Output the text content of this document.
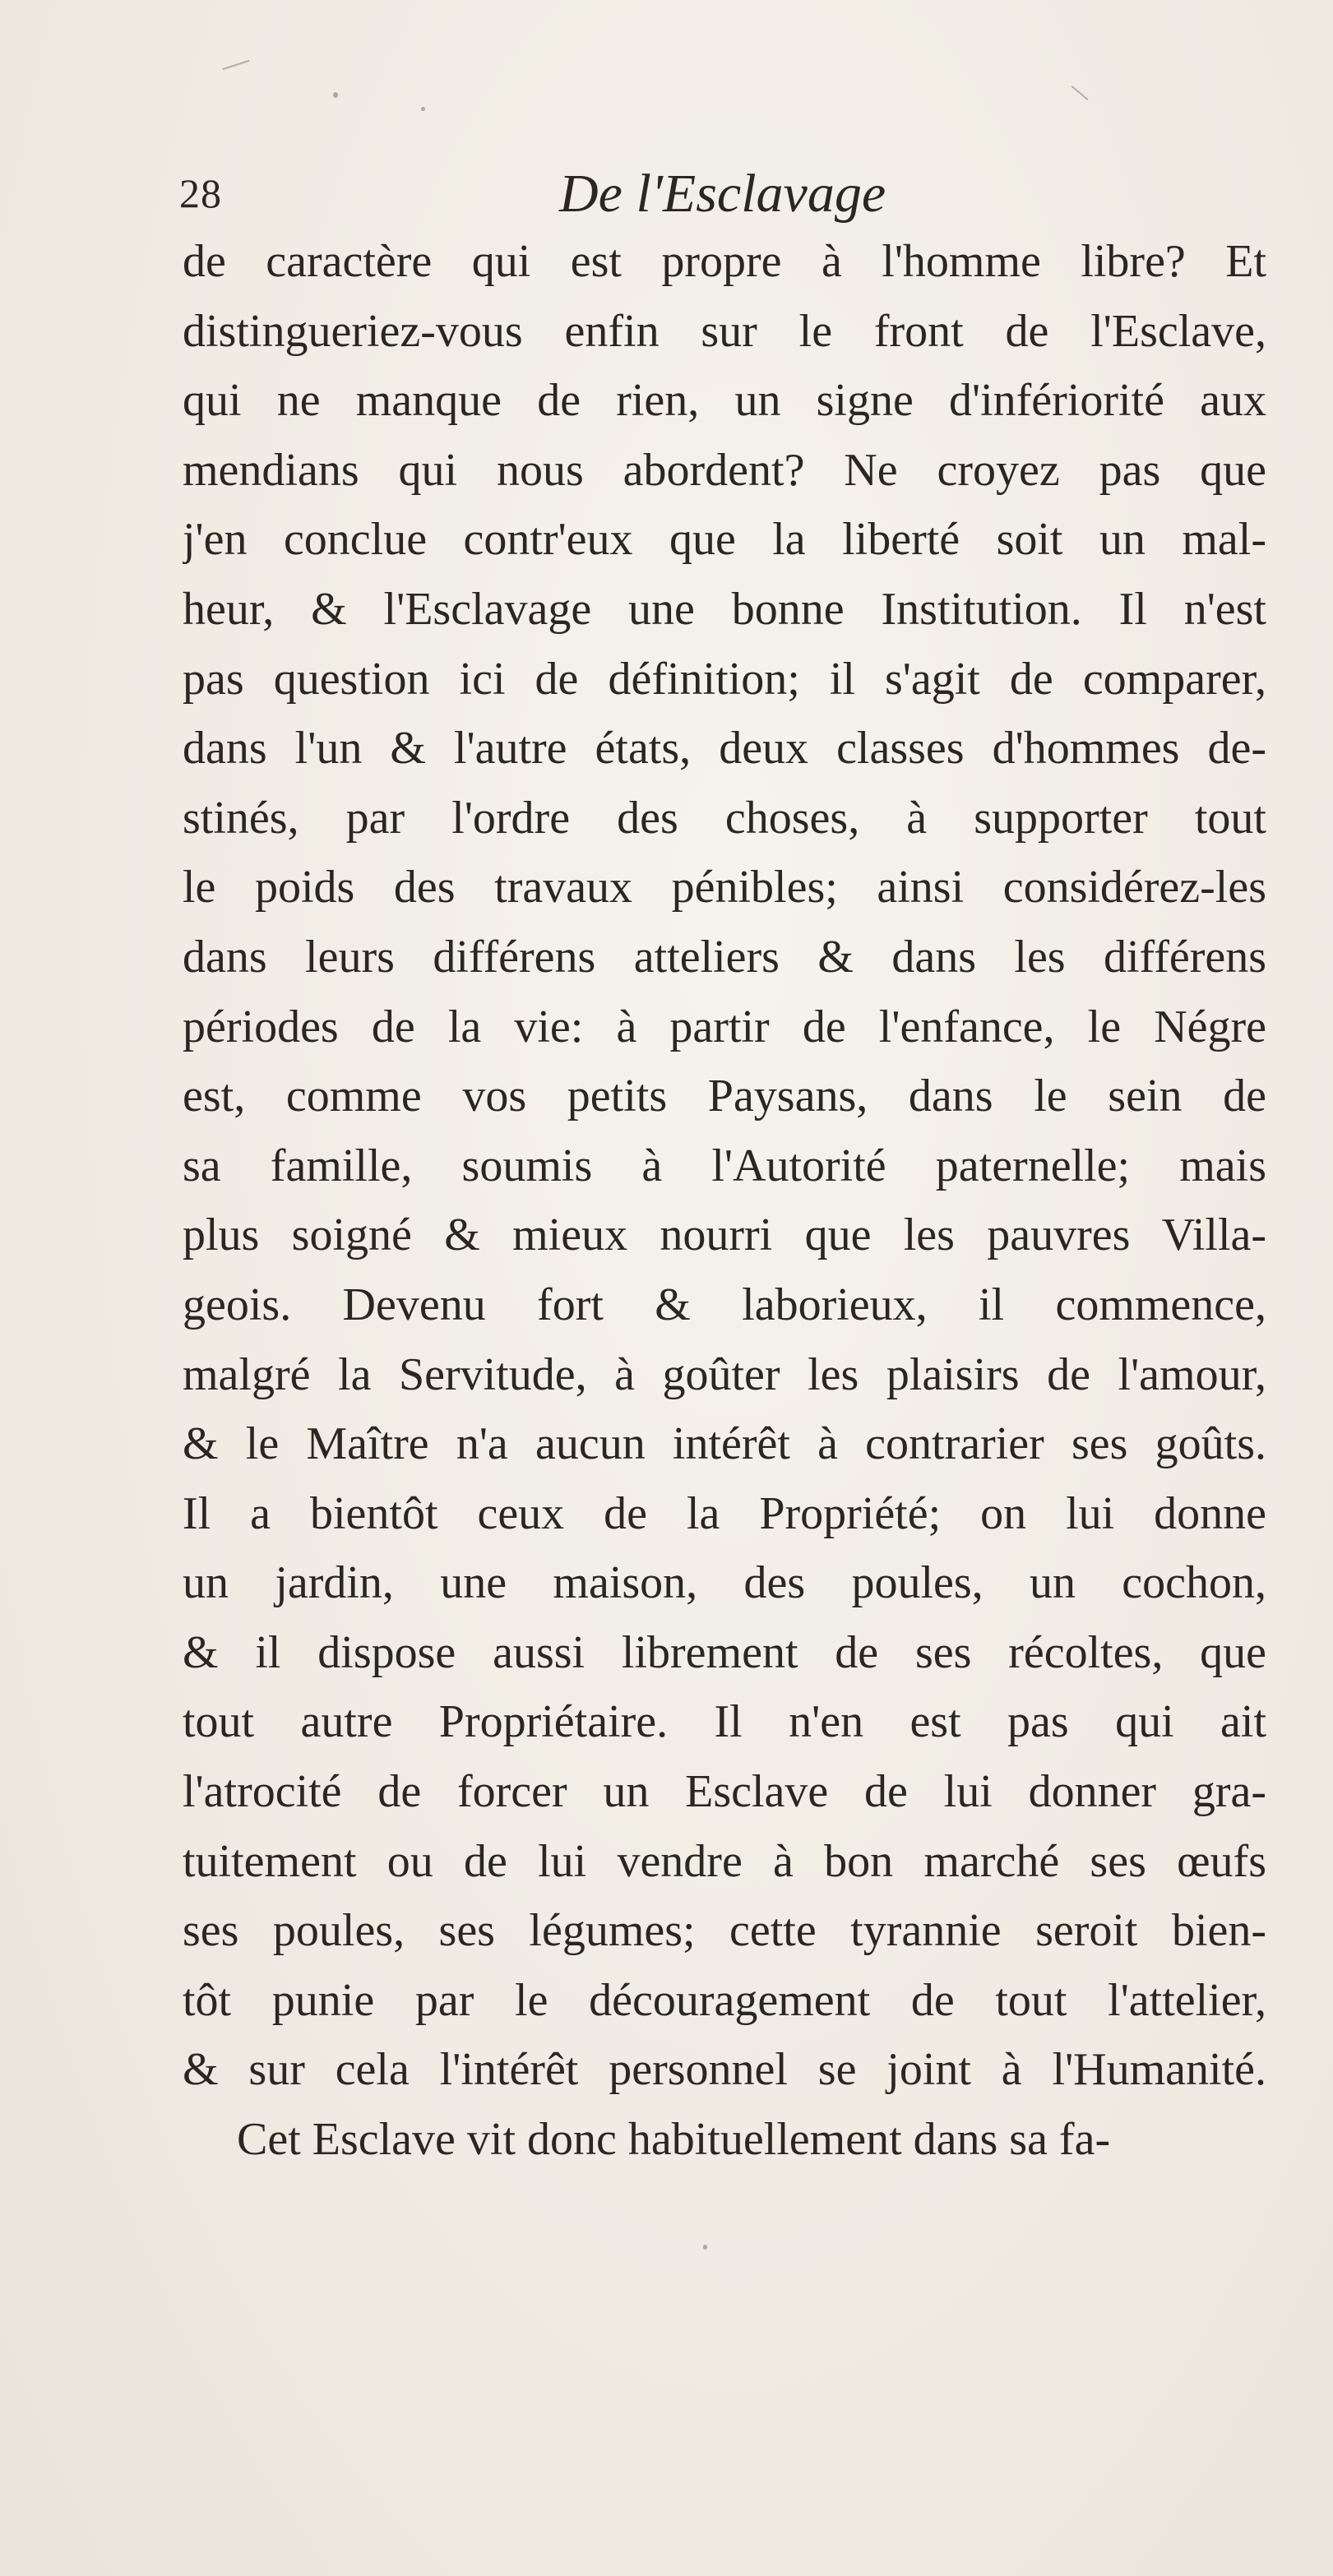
28	De l'Esclavage
de caractère qui est propre à l'homme libre? Et
distingueriez-vous enfin sur le front de l'Esclave,
qui ne manque de rien, un signe d'infériorité aux
mendians qui nous abordent? Ne croyez pas que
j'en conclue contr'eux que la liberté soit un mal-
heur, & l'Esclavage une bonne Institution. Il n'est
pas question ici de définition; il s'agit de comparer,
dans l'un & l'autre états, deux classes d'hommes de-
stinés, par l'ordre des choses, à supporter tout
le poids des travaux pénibles; ainsi considérez-les
dans leurs différens atteliers & dans les différens
périodes de la vie: à partir de l'enfance, le Négre
est, comme vos petits Paysans, dans le sein de
sa famille, soumis à l'Autorité paternelle; mais
plus soigné & mieux nourri que les pauvres Villa-
geois. Devenu fort & laborieux, il commence,
malgré la Servitude, à goûter les plaisirs de l'amour,
& le Maître n'a aucun intérêt à contrarier ses goûts.
Il a bientôt ceux de la Propriété; on lui donne
un jardin, une maison, des poules, un cochon,
& il dispose aussi librement de ses récoltes, que
tout autre Propriétaire. Il n'en est pas qui ait
l'atrocité de forcer un Esclave de lui donner gra-
tuitement ou de lui vendre à bon marché ses œufs
ses poules, ses légumes; cette tyrannie seroit bien-
tôt punie par le découragement de tout l'attelier,
& sur cela l'intérêt personnel se joint à l'Humanité.
Cet Esclave vit donc habituellement dans sa fa-
